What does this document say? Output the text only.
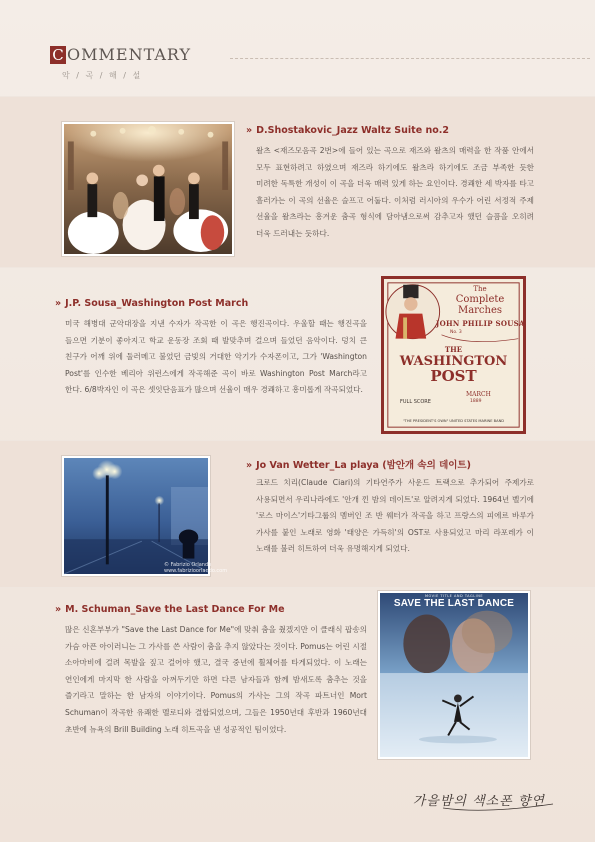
C OMMENTARY
악 / 곡 / 해 / 설
» D.Shostakovic_Jazz Waltz Suite no.2
왈츠 <재즈모음곡 2번>에 들어 있는 곡으로 재즈와 왈츠의 매력을 한 작품 안에서 모두 표현하려고 하였으며 재즈라 하기에도 왈츠라 하기에도 조금 부족한 듯한 미려한 독특한 개성이 이 곡을 더욱 매력 있게 하는 요인이다. 경쾌한 세 박자를 타고 흘러가는 이 곡의 선율은 슬프고 어둡다. 이처럼 러시아의 우수가 어린 서정적 주제 선율을 왈츠라는 흥겨운 춤곡 형식에 담아냄으로써 감추고자 했던 슬픔을 오히려 더욱 드러내는 듯하다.
» J.P. Sousa_Washington Post March
미국 해병대 군악대장을 지낸 수자가 작곡한 이 곡은 행진곡이다. 우울할 때는 행진곡을 들으면 기분이 좋아지고 학교 운동장 조회 때 발맞추며 걸으며 들었던 음악이다. 덩치 큰 친구가 어깨 위에 둘러메고 불었던 금빛의 거대한 악기가 수자폰이고, 그가 'Washington Post'를 인수한 베리아 위런스에게 작곡해준 곡이 바로 Washington Post March라고 한다. 6/8박자인 이 곡은 셋잇단음표가 많으며 선율이 매우 경쾌하고 흥미롭게 작곡되었다.
The
Complete
Marches
JOHN PHILIP SOUSA
No. 3
THE
WASHINGTON
POST
MARCH
1889
FULL SCORE
"THE PRESIDENT'S OWN" UNITED STATES MARINE BAND
© Fabrizio Orlando
www.fabrizioorlando.com
» Jo Van Wetter_La playa (밤안개 속의 데이트)
크로드 치리(Claude Ciari)의 기타연주가 사운드 트랙으로 추가되어 주제가로 사용되면서 우리나라에도 '안개 낀 밤의 데이트'로 알려지게 되었다. 1964년 벨기에 '로스 마이스'기타그룹의 멤버인 조 반 웨터가 작곡을 하고 프랑스의 피에르 바루가 가사를 붙인 노래로 영화 '태양은 가득히'의 OST로 사용되었고 마리 라포레가 이 노래를 불러 히트하여 더욱 유명해지게 되었다.
» M. Schuman_Save the Last Dance For Me
많은 신혼부부가 "Save the Last Dance for Me"에 맞춰 춤을 췄겠지만 이 클래식 팝송의 가슴 아픈 아이러니는 그 가사를 쓴 사람이 춤을 추지 않았다는 것이다. Pomus는 어린 시절 소아마비에 걸려 목발을 짚고 걸어야 했고, 결국 중년에 휠체어를 타게되었다. 이 노래는 연인에게 마지막 한 사람을 아껴두기만 하면 다른 남자들과 함께 밤새도록 춤추는 것을 즐기라고 말하는 한 남자의 이야기이다. Pomus의 가사는 그의 작곡 파트너인 Mort Schuman이 작곡한 유쾌한 멜로디와 결합되었으며, 그들은 1950년대 후반과 1960년대 초반에 뉴욕의 Brill Building 노래 히트곡을 낸 성공적인 팀이었다.
MOVIE TITLE AND TAGLINE
SAVE THE LAST DANCE
가을밤의 색소폰 향연
